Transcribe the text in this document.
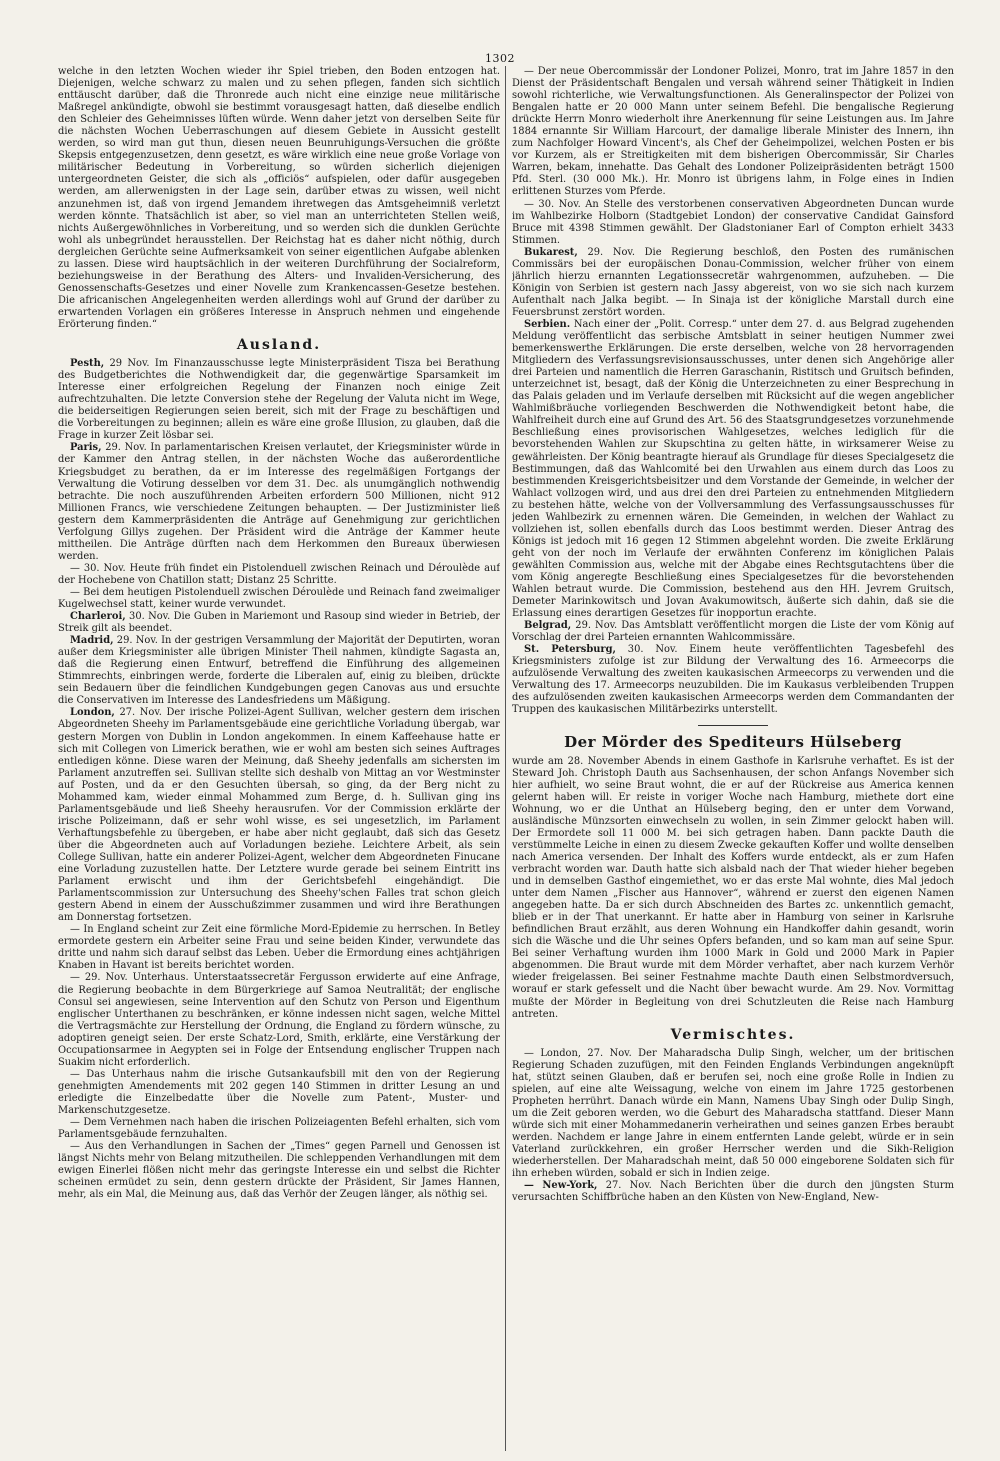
1302

welche in den letzten Wochen wieder ihr Spiel trieben, den Boden entzogen hat. Diejenigen, welche schwarz zu malen und zu sehen pflegen, fanden sich sichtlich enttäuscht darüber, daß die Thronrede auch nicht eine einzige neue militärische Maßregel ankündigte, obwohl sie bestimmt vorausgesagt hatten, daß dieselbe endlich den Schleier des Geheimnisses lüften würde. Wenn daher jetzt von derselben Seite für die nächsten Wochen Ueberraschungen auf diesem Gebiete in Aussicht gestellt werden, so wird man gut thun, diesen neuen Beunruhigungs-Versuchen die größte Skepsis entgegenzusetzen, denn gesetzt, es wäre wirklich eine neue große Vorlage von militärischer Bedeutung in Vorbereitung, so würden sicherlich diejenigen untergeordneten Geister, die sich als „officiös“ aufspielen, oder dafür ausgegeben werden, am allerwenigsten in der Lage sein, darüber etwas zu wissen, weil nicht anzunehmen ist, daß von irgend Jemandem ihretwegen das Amtsgeheimniß verletzt werden könnte. Thatsächlich ist aber, so viel man an unterrichteten Stellen weiß, nichts Außergewöhnliches in Vorbereitung, und so werden sich die dunklen Gerüchte wohl als unbegründet herausstellen. Der Reichstag hat es daher nicht nöthig, durch dergleichen Gerüchte seine Aufmerksamkeit von seiner eigentlichen Aufgabe ablenken zu lassen. Diese wird hauptsächlich in der weiteren Durchführung der Socialreform, beziehungsweise in der Berathung des Alters- und Invaliden-Versicherung, des Genossenschafts-Gesetzes und einer Novelle zum Krankencassen-Gesetze bestehen. Die africanischen Angelegenheiten werden allerdings wohl auf Grund der darüber zu erwartenden Vorlagen ein größeres Interesse in Anspruch nehmen und eingehende Erörterung finden.“

Ausland.

Pesth, 29 Nov. Im Finanzausschusse legte Ministerpräsident Tisza bei Berathung des Budgetberichtes die Nothwendigkeit dar, die gegenwärtige Sparsamkeit im Interesse einer erfolgreichen Regelung der Finanzen noch einige Zeit aufrechtzuhalten. Die letzte Conversion stehe der Regelung der Valuta nicht im Wege, die beiderseitigen Regierungen seien bereit, sich mit der Frage zu beschäftigen und die Vorbereitungen zu beginnen; allein es wäre eine große Illusion, zu glauben, daß die Frage in kurzer Zeit lösbar sei.

Paris, 29. Nov. In parlamentarischen Kreisen verlautet, der Kriegsminister würde in der Kammer den Antrag stellen, in der nächsten Woche das außerordentliche Kriegsbudget zu berathen, da er im Interesse des regelmäßigen Fortgangs der Verwaltung die Votirung desselben vor dem 31. Dec. als unumgänglich nothwendig betrachte. Die noch auszuführenden Arbeiten erfordern 500 Millionen, nicht 912 Millionen Francs, wie verschiedene Zeitungen behaupten. — Der Justizminister ließ gestern dem Kammerpräsidenten die Anträge auf Genehmigung zur gerichtlichen Verfolgung Gillys zugehen. Der Präsident wird die Anträge der Kammer heute mittheilen. Die Anträge dürften nach dem Herkommen den Bureaux überwiesen werden.

— 30. Nov. Heute früh findet ein Pistolenduell zwischen Reinach und Déroulède auf der Hochebene von Chatillon statt; Distanz 25 Schritte.

— Bei dem heutigen Pistolenduell zwischen Déroulède und Reinach fand zweimaliger Kugelwechsel statt, keiner wurde verwundet.

Charleroi, 30. Nov. Die Guben in Mariemont und Rasoup sind wieder in Betrieb, der Streik gilt als beendet.

Madrid, 29. Nov. In der gestrigen Versammlung der Majorität der Deputirten, woran außer dem Kriegsminister alle übrigen Minister Theil nahmen, kündigte Sagasta an, daß die Regierung einen Entwurf, betreffend die Einführung des allgemeinen Stimmrechts, einbringen werde, forderte die Liberalen auf, einig zu bleiben, drückte sein Bedauern über die feindlichen Kundgebungen gegen Canovas aus und ersuchte die Conservativen im Interesse des Landesfriedens um Mäßigung.

London, 27. Nov. Der irische Polizei-Agent Sullivan, welcher gestern dem irischen Abgeordneten Sheehy im Parlamentsgebäude eine gerichtliche Vorladung übergab, war gestern Morgen von Dublin in London angekommen. In einem Kaffeehause hatte er sich mit Collegen von Limerick berathen, wie er wohl am besten sich seines Auftrages entledigen könne. Diese waren der Meinung, daß Sheehy jedenfalls am sichersten im Parlament anzutreffen sei. Sullivan stellte sich deshalb von Mittag an vor Westminster auf Posten, und da er den Gesuchten übersah, so ging, da der Berg nicht zu Mohammed kam, wieder einmal Mohammed zum Berge, d. h. Sullivan ging ins Parlamentsgebäude und ließ Sheehy herausrufen. Vor der Commission erklärte der irische Polizeimann, daß er sehr wohl wisse, es sei ungesetzlich, im Parlament Verhaftungsbefehle zu übergeben, er habe aber nicht geglaubt, daß sich das Gesetz über die Abgeordneten auch auf Vorladungen beziehe. Leichtere Arbeit, als sein College Sullivan, hatte ein anderer Polizei-Agent, welcher dem Abgeordneten Finucane eine Vorladung zuzustellen hatte. Der Letztere wurde gerade bei seinem Eintritt ins Parlament erwischt und ihm der Gerichtsbefehl eingehändigt. Die Parlamentscommission zur Untersuchung des Sheehy'schen Falles trat schon gleich gestern Abend in einem der Ausschußzimmer zusammen und wird ihre Berathungen am Donnerstag fortsetzen.

— In England scheint zur Zeit eine förmliche Mord-Epidemie zu herrschen. In Betley ermordete gestern ein Arbeiter seine Frau und seine beiden Kinder, verwundete das dritte und nahm sich darauf selbst das Leben. Ueber die Ermordung eines achtjährigen Knaben in Havant ist bereits berichtet worden.

— 29. Nov. Unterhaus. Unterstaatssecretär Fergusson erwiderte auf eine Anfrage, die Regierung beobachte in dem Bürgerkriege auf Samoa Neutralität; der englische Consul sei angewiesen, seine Intervention auf den Schutz von Person und Eigenthum englischer Unterthanen zu beschränken, er könne indessen nicht sagen, welche Mittel die Vertragsmächte zur Herstellung der Ordnung, die England zu fördern wünsche, zu adoptiren geneigt seien. Der erste Schatz-Lord, Smith, erklärte, eine Verstärkung der Occupationsarmee in Aegypten sei in Folge der Entsendung englischer Truppen nach Suakim nicht erforderlich.

— Das Unterhaus nahm die irische Gutsankaufsbill mit den von der Regierung genehmigten Amendements mit 202 gegen 140 Stimmen in dritter Lesung an und erledigte die Einzelbedatte über die Novelle zum Patent-, Muster- und Markenschutzgesetze.

— Dem Vernehmen nach haben die irischen Polizeiagenten Befehl erhalten, sich vom Parlamentsgebäude fernzuhalten.

— Aus den Verhandlungen in Sachen der „Times“ gegen Parnell und Genossen ist längst Nichts mehr von Belang mitzutheilen. Die schleppenden Verhandlungen mit dem ewigen Einerlei flößen nicht mehr das geringste Interesse ein und selbst die Richter scheinen ermüdet zu sein, denn gestern drückte der Präsident, Sir James Hannen, mehr, als ein Mal, die Meinung aus, daß das Verhör der Zeugen länger, als nöthig sei.

— Der neue Obercommissär der Londoner Polizei, Monro, trat im Jahre 1857 in den Dienst der Präsidentschaft Bengalen und versah während seiner Thätigkeit in Indien sowohl richterliche, wie Verwaltungsfunctionen. Als Generalinspector der Polizei von Bengalen hatte er 20 000 Mann unter seinem Befehl. Die bengalische Regierung drückte Herrn Monro wiederholt ihre Anerkennung für seine Leistungen aus. Im Jahre 1884 ernannte Sir William Harcourt, der damalige liberale Minister des Innern, ihn zum Nachfolger Howard Vincent's, als Chef der Geheimpolizei, welchen Posten er bis vor Kurzem, als er Streitigkeiten mit dem bisherigen Obercommissär, Sir Charles Warren, bekam, innehatte. Das Gehalt des Londoner Polizeipräsidenten beträgt 1500 Pfd. Sterl. (30 000 Mk.). Hr. Monro ist übrigens lahm, in Folge eines in Indien erlittenen Sturzes vom Pferde.

— 30. Nov. An Stelle des verstorbenen conservativen Abgeordneten Duncan wurde im Wahlbezirke Holborn (Stadtgebiet London) der conservative Candidat Gainsford Bruce mit 4398 Stimmen gewählt. Der Gladstonianer Earl of Compton erhielt 3433 Stimmen.

Bukarest, 29. Nov. Die Regierung beschloß, den Posten des rumänischen Commissärs bei der europäischen Donau-Commission, welcher früher von einem jährlich hierzu ernannten Legationssecretär wahrgenommen, aufzuheben. — Die Königin von Serbien ist gestern nach Jassy abgereist, von wo sie sich nach kurzem Aufenthalt nach Jalka begibt. — In Sinaja ist der königliche Marstall durch eine Feuersbrunst zerstört worden.

Serbien. Nach einer der „Polit. Corresp.“ unter dem 27. d. aus Belgrad zugehenden Meldung veröffentlicht das serbische Amtsblatt in seiner heutigen Nummer zwei bemerkenswerthe Erklärungen. Die erste derselben, welche von 28 hervorragenden Mitgliedern des Verfassungsrevisionsausschusses, unter denen sich Angehörige aller drei Parteien und namentlich die Herren Garaschanin, Ristitsch und Gruitsch befinden, unterzeichnet ist, besagt, daß der König die Unterzeichneten zu einer Besprechung in das Palais geladen und im Verlaufe derselben mit Rücksicht auf die wegen angeblicher Wahlmißbräuche vorliegenden Beschwerden die Nothwendigkeit betont habe, die Wahlfreiheit durch eine auf Grund des Art. 56 des Staatsgrundgesetzes vorzunehmende Beschließung eines provisorischen Wahlgesetzes, welches lediglich für die bevorstehenden Wahlen zur Skupschtina zu gelten hätte, in wirksamerer Weise zu gewährleisten. Der König beantragte hierauf als Grundlage für dieses Specialgesetz die Bestimmungen, daß das Wahlcomité bei den Urwahlen aus einem durch das Loos zu bestimmenden Kreisgerichtsbeisitzer und dem Vorstande der Gemeinde, in welcher der Wahlact vollzogen wird, und aus drei den drei Parteien zu entnehmenden Mitgliedern zu bestehen hätte, welche von der Vollversammlung des Verfassungsausschusses für jeden Wahlbezirk zu ernennen wären. Die Gemeinden, in welchen der Wahlact zu vollziehen ist, sollen ebenfalls durch das Loos bestimmt werden. Dieser Antrag des Königs ist jedoch mit 16 gegen 12 Stimmen abgelehnt worden. Die zweite Erklärung geht von der noch im Verlaufe der erwähnten Conferenz im königlichen Palais gewählten Commission aus, welche mit der Abgabe eines Rechtsgutachtens über die vom König angeregte Beschließung eines Specialgesetzes für die bevorstehenden Wahlen betraut wurde. Die Commission, bestehend aus den HH. Jevrem Gruitsch, Demeter Marinkowitsch und Jovan Avakumowitsch, äußerte sich dahin, daß sie die Erlassung eines derartigen Gesetzes für inopportun erachte.

Belgrad, 29. Nov. Das Amtsblatt veröffentlicht morgen die Liste der vom König auf Vorschlag der drei Parteien ernannten Wahlcommissäre.

St. Petersburg, 30. Nov. Einem heute veröffentlichten Tagesbefehl des Kriegsministers zufolge ist zur Bildung der Verwaltung des 16. Armeecorps die aufzulösende Verwaltung des zweiten kaukasischen Armeecorps zu verwenden und die Verwaltung des 17. Armeecorps neuzubilden. Die im Kaukasus verbleibenden Truppen des aufzulösenden zweiten kaukasischen Armeecorps werden dem Commandanten der Truppen des kaukasischen Militärbezirks unterstellt.

Der Mörder des Spediteurs Hülseberg

wurde am 28. November Abends in einem Gasthofe in Karlsruhe verhaftet. Es ist der Steward Joh. Christoph Dauth aus Sachsenhausen, der schon Anfangs November sich hier aufhielt, wo seine Braut wohnt, die er auf der Rückreise aus America kennen gelernt haben will. Er reiste in voriger Woche nach Hamburg, miethete dort eine Wohnung, wo er die Unthat an Hülseberg beging, den er unter dem Vorwand, ausländische Münzsorten einwechseln zu wollen, in sein Zimmer gelockt haben will. Der Ermordete soll 11 000 M. bei sich getragen haben. Dann packte Dauth die verstümmelte Leiche in einen zu diesem Zwecke gekauften Koffer und wollte denselben nach America versenden. Der Inhalt des Koffers wurde entdeckt, als er zum Hafen verbracht worden war. Dauth hatte sich alsbald nach der That wieder hieher begeben und in demselben Gasthof eingemiethet, wo er das erste Mal wohnte, dies Mal jedoch unter dem Namen „Fischer aus Hannover“, während er zuerst den eigenen Namen angegeben hatte. Da er sich durch Abschneiden des Bartes zc. unkenntlich gemacht, blieb er in der That unerkannt. Er hatte aber in Hamburg von seiner in Karlsruhe befindlichen Braut erzählt, aus deren Wohnung ein Handkoffer dahin gesandt, worin sich die Wäsche und die Uhr seines Opfers befanden, und so kam man auf seine Spur. Bei seiner Verhaftung wurden ihm 1000 Mark in Gold und 2000 Mark in Papier abgenommen. Die Braut wurde mit dem Mörder verhaftet, aber nach kurzem Verhör wieder freigelassen. Bei seiner Festnahme machte Dauth einen Selbstmordversuch, worauf er stark gefesselt und die Nacht über bewacht wurde. Am 29. Nov. Vormittag mußte der Mörder in Begleitung von drei Schutzleuten die Reise nach Hamburg antreten.

Vermischtes.

— London, 27. Nov. Der Maharadscha Dulip Singh, welcher, um der britischen Regierung Schaden zuzufügen, mit den Feinden Englands Verbindungen angeknüpft hat, stützt seinen Glauben, daß er berufen sei, noch eine große Rolle in Indien zu spielen, auf eine alte Weissagung, welche von einem im Jahre 1725 gestorbenen Propheten herrührt. Danach würde ein Mann, Namens Ubay Singh oder Dulip Singh, um die Zeit geboren werden, wo die Geburt des Maharadscha stattfand. Dieser Mann würde sich mit einer Mohammedanerin verheirathen und seines ganzen Erbes beraubt werden. Nachdem er lange Jahre in einem entfernten Lande gelebt, würde er in sein Vaterland zurückkehren, ein großer Herrscher werden und die Sikh-Religion wiederherstellen. Der Maharadschah meint, daß 50 000 eingeborene Soldaten sich für ihn erheben würden, sobald er sich in Indien zeige.

— New-York, 27. Nov. Nach Berichten über die durch den jüngsten Sturm verursachten Schiffbrüche haben an den Küsten von New-England, New-
